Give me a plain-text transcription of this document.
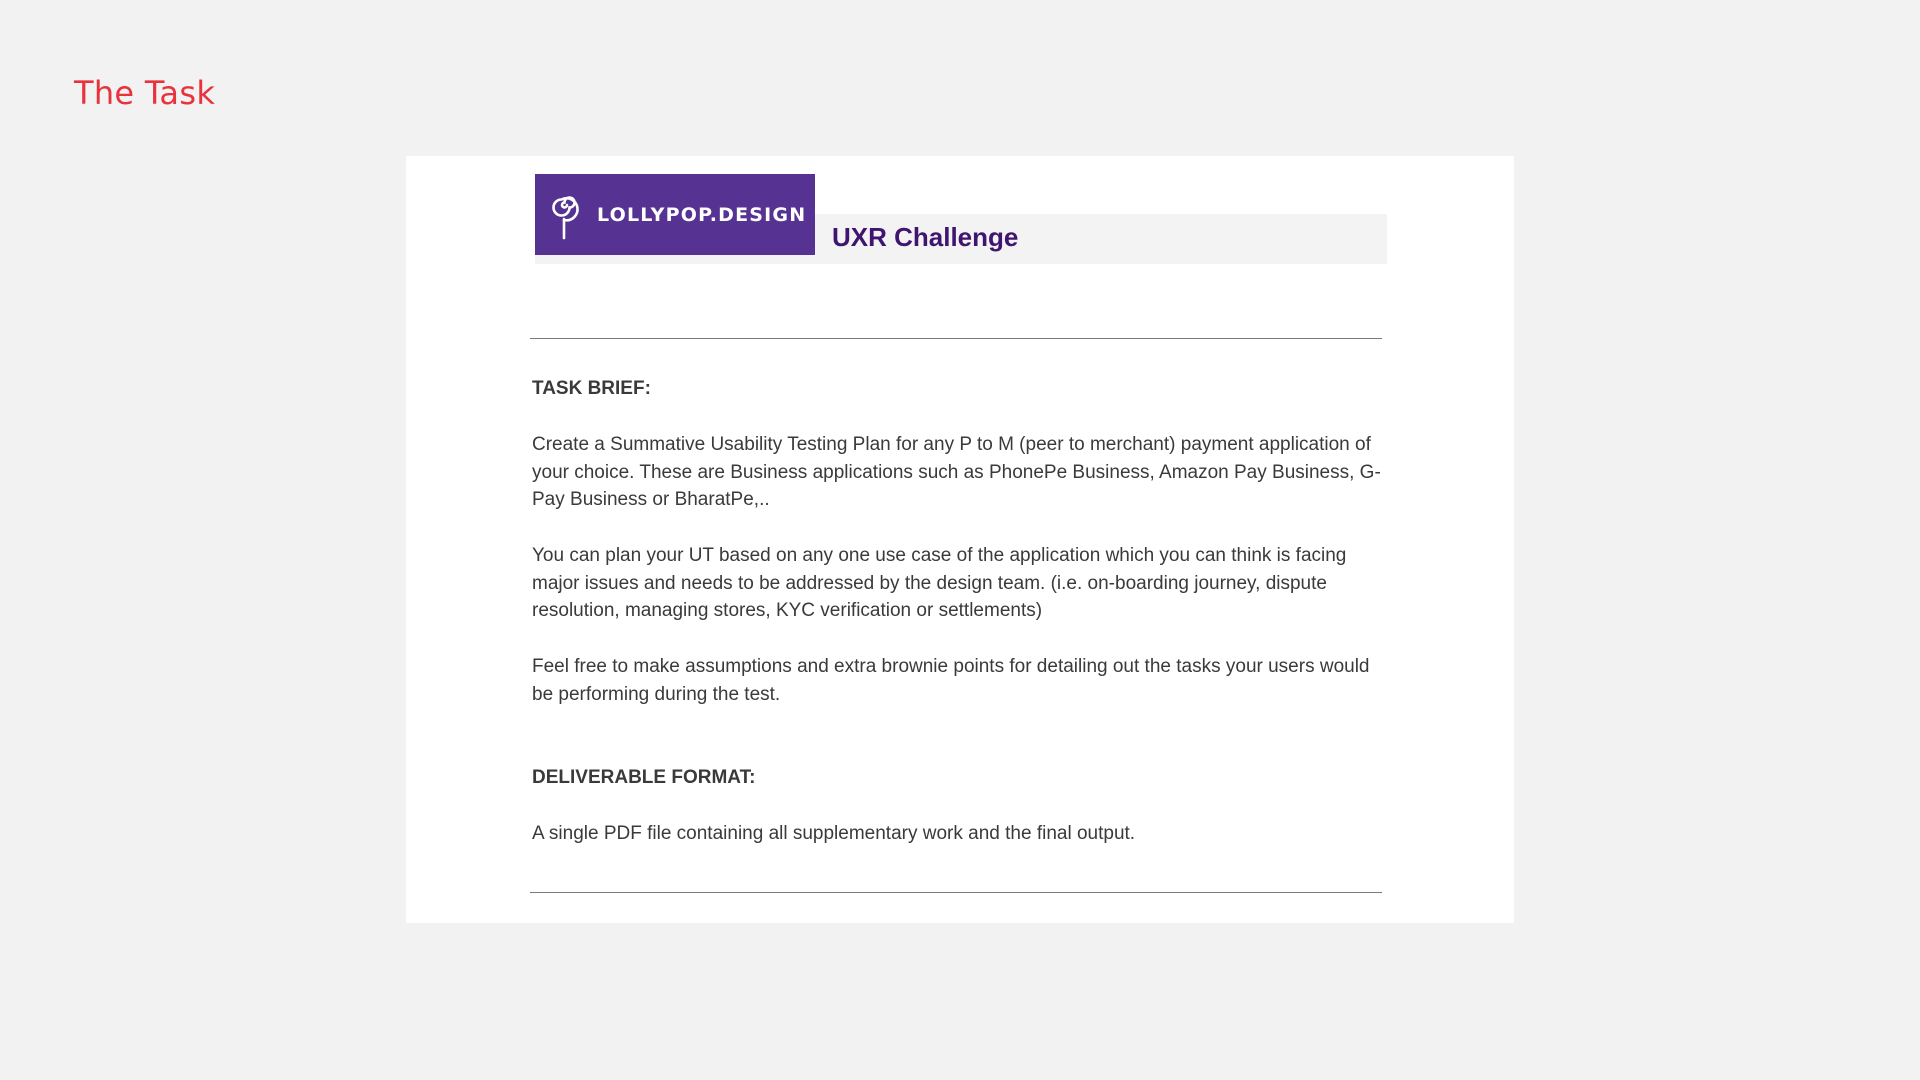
The Task
LOLLYPOP.DESIGN
UXR Challenge
TASK BRIEF:

Create a Summative Usability Testing Plan for any P to M (peer to merchant) payment application of your choice. These are Business applications such as PhonePe Business, Amazon Pay Business, G-Pay Business or BharatPe,..

You can plan your UT based on any one use case of the application which you can think is facing major issues and needs to be addressed by the design team. (i.e. on-boarding journey, dispute resolution, managing stores, KYC verification or settlements)

Feel free to make assumptions and extra brownie points for detailing out the tasks your users would be performing during the test.

DELIVERABLE FORMAT:

A single PDF file containing all supplementary work and the final output.
